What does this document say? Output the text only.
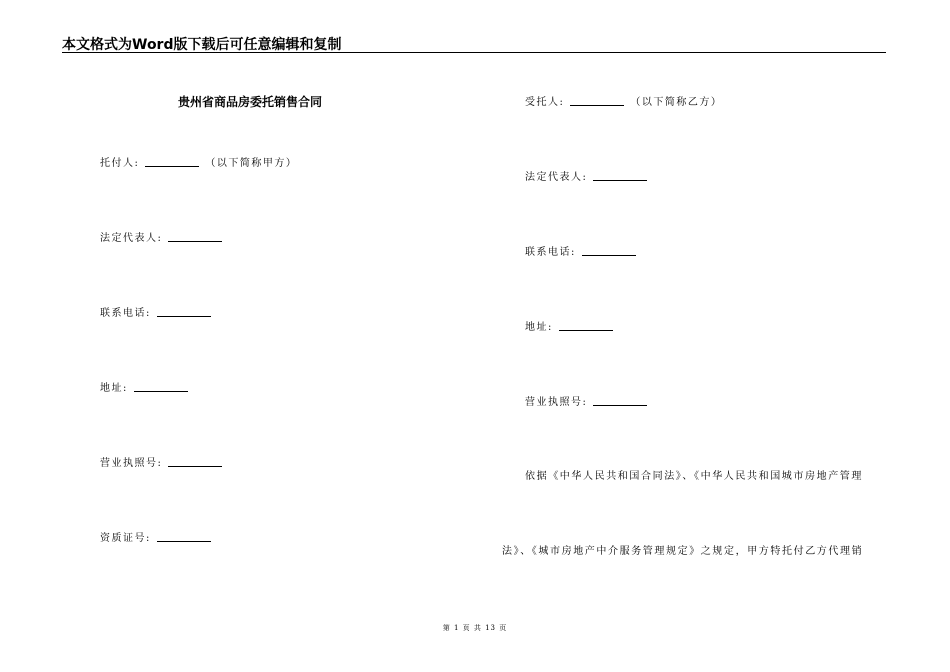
本文格式为Word版下载后可任意编辑和复制
贵州省商品房委托销售合同
托付人:	（以下简称甲方）
法定代表人:
联系电话:
地址:
营业执照号:
资质证号:
受托人:	（以下简称乙方）
法定代表人:
联系电话:
地址:
营业执照号:
依据《中华人民共和国合同法》、《中华人民共和国城市房地产管理
法》、《城市房地产中介服务管理规定》之规定，甲方特托付乙方代理销
第 1 页 共 13 页
